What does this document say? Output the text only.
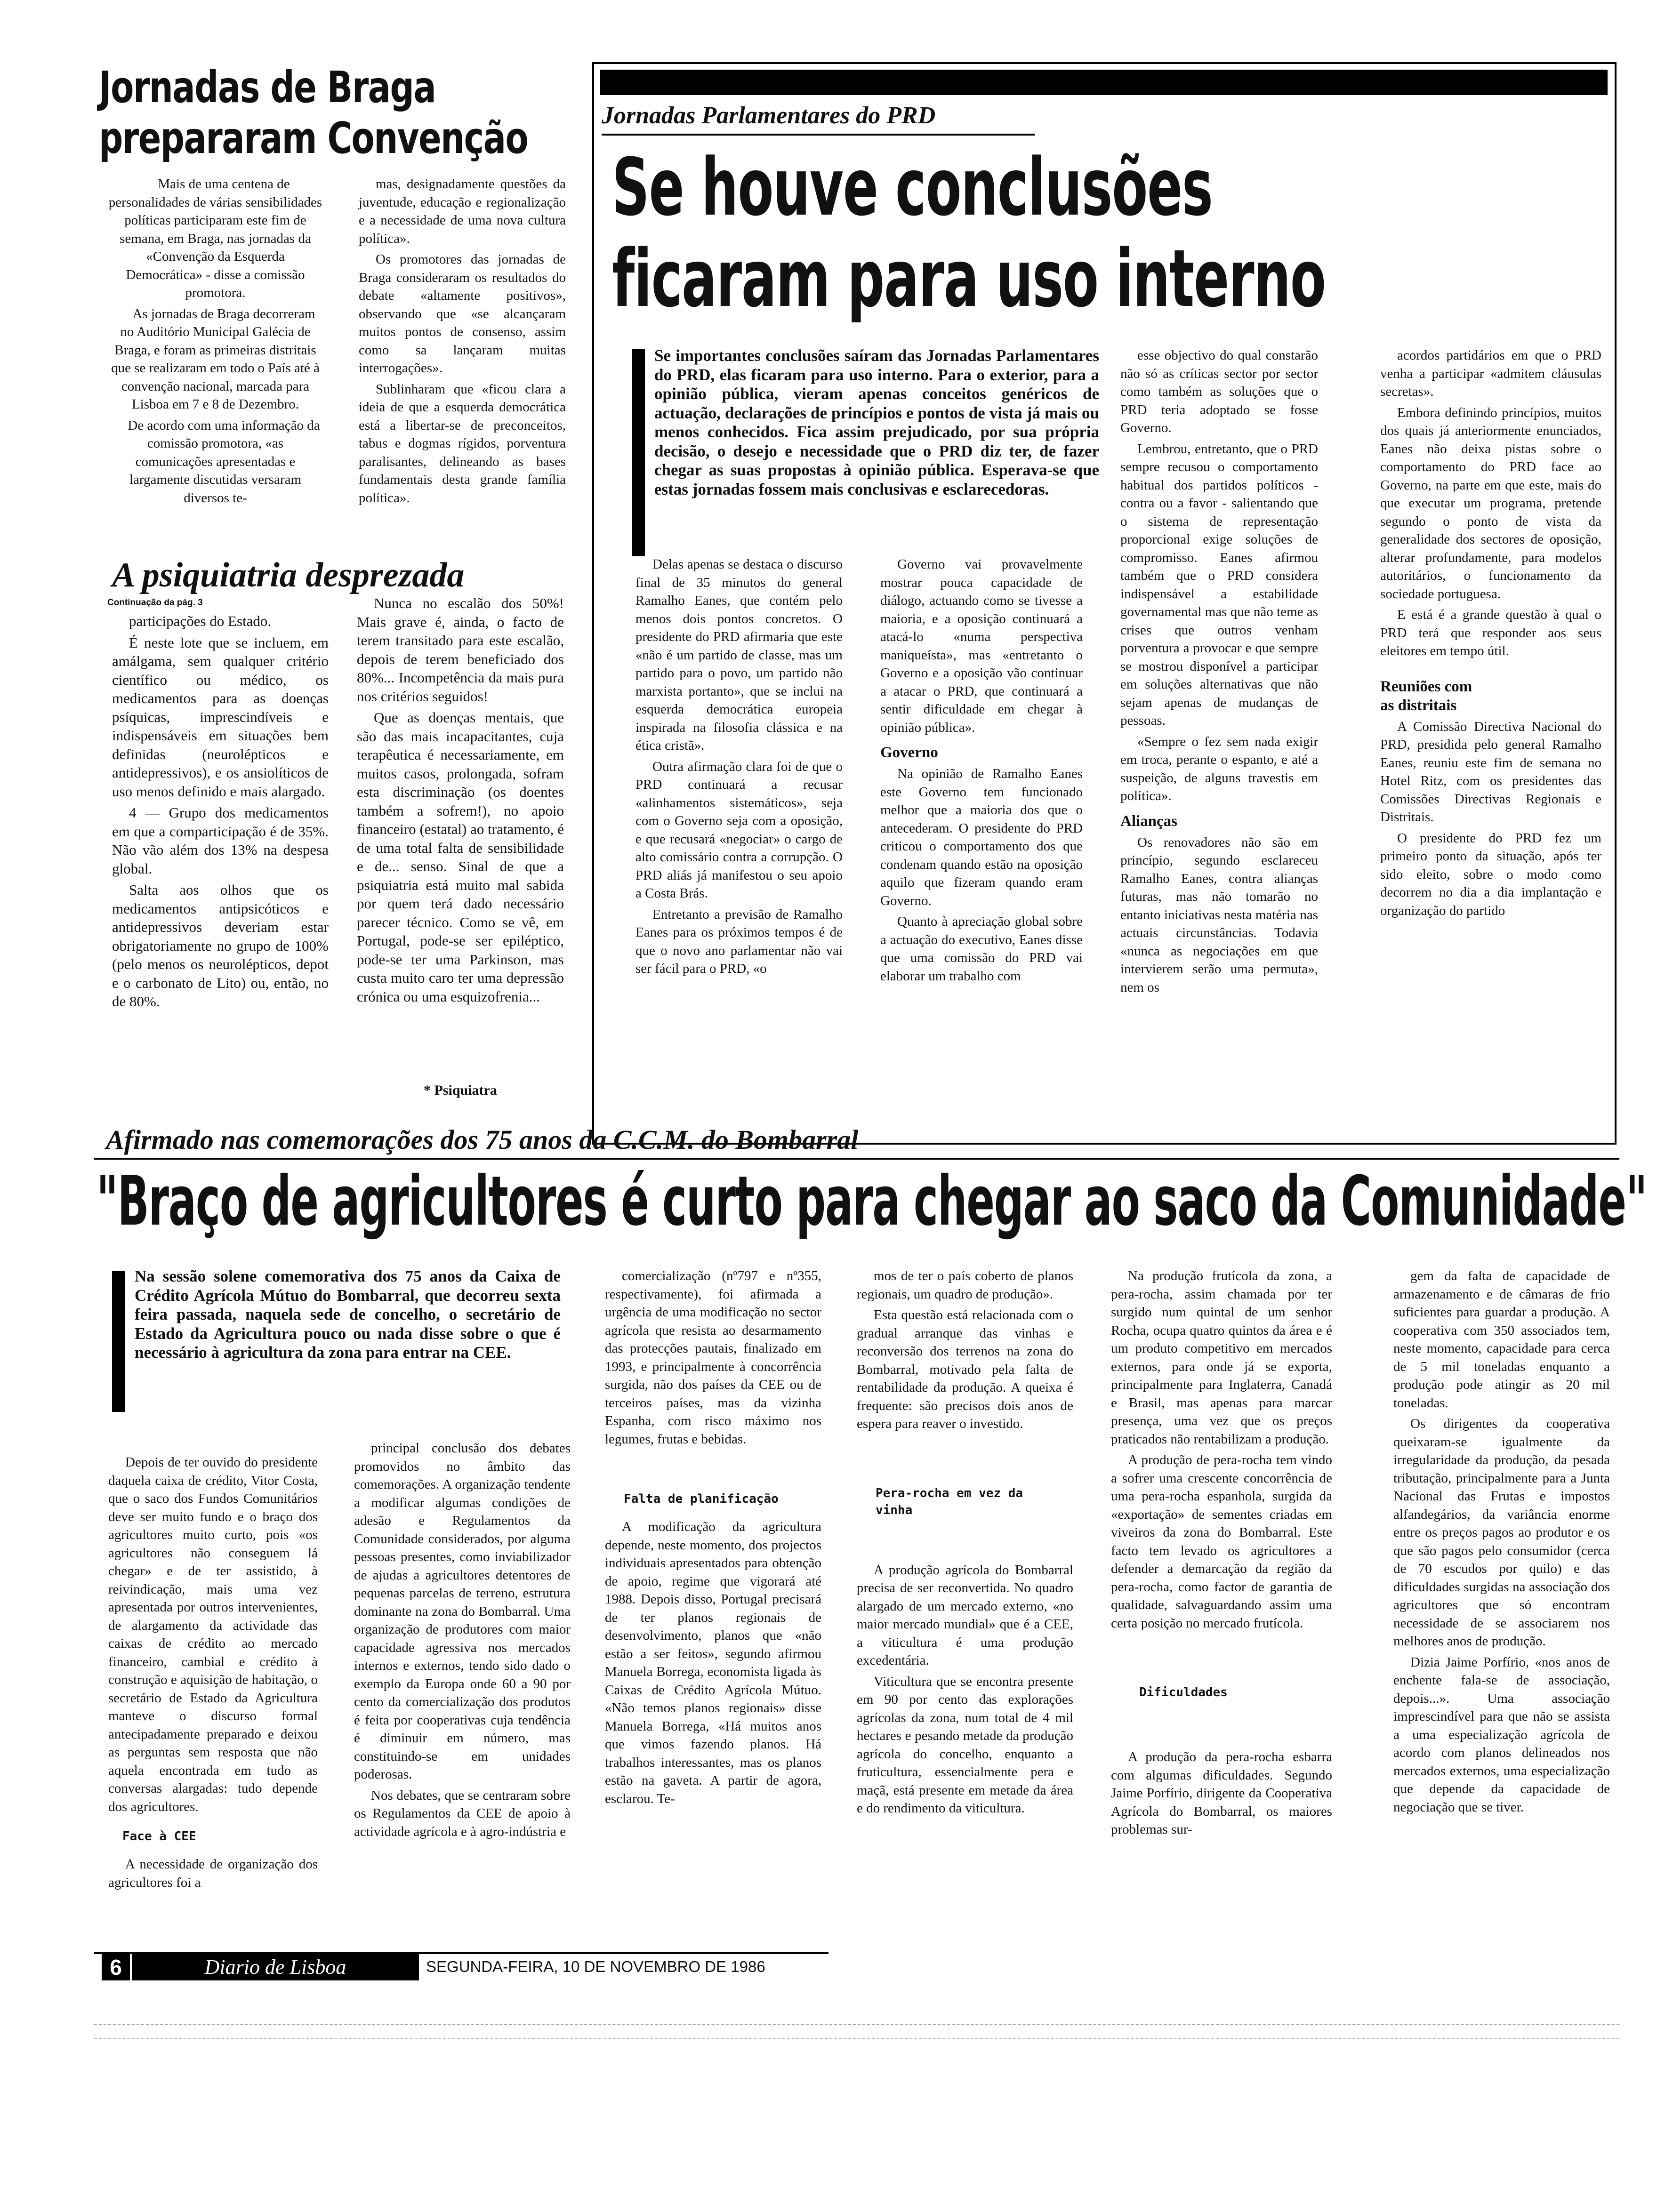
Jornadas de Braga
prepararam Convenção

Mais de uma centena de personalidades de várias sensibilidades políticas participaram este fim de semana, em Braga, nas jornadas da «Convenção da Esquerda Democrática» - disse a comissão promotora.

As jornadas de Braga decorreram no Auditório Municipal Galécia de Braga, e foram as primeiras distritais que se realizaram em todo o País até à convenção nacional, marcada para Lisboa em 7 e 8 de Dezembro.

De acordo com uma informação da comissão promotora, «as comunicações apresentadas e largamente discutidas versaram diversos te-

mas, designadamente questões da juventude, educação e regionalização e a necessidade de uma nova cultura política».

Os promotores das jornadas de Braga consideraram os resultados do debate «altamente positivos», observando que «se alcançaram muitos pontos de consenso, assim como sa lançaram muitas interrogações».

Sublinharam que «ficou clara a ideia de que a esquerda democrática está a libertar-se de preconceitos, tabus e dogmas rígidos, porventura paralisantes, delineando as bases fundamentais desta grande família política».

A psiquiatria desprezada
Continuação da pág. 3

participações do Estado.

É neste lote que se incluem, em amálgama, sem qualquer critério científico ou médico, os medicamentos para as doenças psíquicas, imprescindíveis e indispensáveis em situações bem definidas (neurolépticos e antidepressivos), e os ansiolíticos de uso menos definido e mais alargado.

4 — Grupo dos medicamentos em que a comparticipação é de 35%. Não vão além dos 13% na despesa global.

Salta aos olhos que os medicamentos antipsicóticos e antidepressivos deveriam estar obrigatoriamente no grupo de 100% (pelo menos os neurolépticos, depot e o carbonato de Lito) ou, então, no de 80%.

Nunca no escalão dos 50%! Mais grave é, ainda, o facto de terem transitado para este escalão, depois de terem beneficiado dos 80%... Incompetência da mais pura nos critérios seguidos!

Que as doenças mentais, que são das mais incapacitantes, cuja terapêutica é necessariamente, em muitos casos, prolongada, sofram esta discriminação (os doentes também a sofrem!), no apoio financeiro (estatal) ao tratamento, é de uma total falta de sensibilidade e de... senso. Sinal de que a psiquiatria está muito mal sabida por quem terá dado necessário parecer técnico. Como se vê, em Portugal, pode-se ser epiléptico, pode-se ter uma Parkinson, mas custa muito caro ter uma depressão crónica ou uma esquizofrenia...

* Psiquiatra
Jornadas Parlamentares do PRD
Se houve conclusões
ficaram para uso interno
Se importantes conclusões saíram das Jornadas Parlamentares do PRD, elas ficaram para uso interno. Para o exterior, para a opinião pública, vieram apenas conceitos genéricos de actuação, declarações de princípios e pontos de vista já mais ou menos conhecidos. Fica assim prejudicado, por sua própria decisão, o desejo e necessidade que o PRD diz ter, de fazer chegar as suas propostas à opinião pública. Esperava-se que estas jornadas fossem mais conclusivas e esclarecedoras.

Delas apenas se destaca o discurso final de 35 minutos do general Ramalho Eanes, que contém pelo menos dois pontos concretos. O presidente do PRD afirmaria que este «não é um partido de classe, mas um partido para o povo, um partido não marxista portanto», que se inclui na esquerda democrática europeia inspirada na filosofia clássica e na ética cristã».

Outra afirmação clara foi de que o PRD continuará a recusar «alinhamentos sistemáticos», seja com o Governo seja com a oposição, e que recusará «negociar» o cargo de alto comissário contra a corrupção. O PRD aliás já manifestou o seu apoio a Costa Brás.

Entretanto a previsão de Ramalho Eanes para os próximos tempos é de que o novo ano parlamentar não vai ser fácil para o PRD, «o

Governo vai provavelmente mostrar pouca capacidade de diálogo, actuando como se tivesse a maioria, e a oposição continuará a atacá-lo «numa perspectiva maniqueísta», mas «entretanto o Governo e a oposição vão continuar a atacar o PRD, que continuará a sentir dificuldade em chegar à opinião pública».

Governo

Na opinião de Ramalho Eanes este Governo tem funcionado melhor que a maioria dos que o antecederam. O presidente do PRD criticou o comportamento dos que condenam quando estão na oposição aquilo que fizeram quando eram Governo.

Quanto à apreciação global sobre a actuação do executivo, Eanes disse que uma comissão do PRD vai elaborar um trabalho com

esse objectivo do qual constarão não só as críticas sector por sector como também as soluções que o PRD teria adoptado se fosse Governo.

Lembrou, entretanto, que o PRD sempre recusou o comportamento habitual dos partidos políticos - contra ou a favor - salientando que o sistema de representação proporcional exige soluções de compromisso. Eanes afirmou também que o PRD considera indispensável a estabilidade governamental mas que não teme as crises que outros venham porventura a provocar e que sempre se mostrou disponível a participar em soluções alternativas que não sejam apenas de mudanças de pessoas.

«Sempre o fez sem nada exigir em troca, perante o espanto, e até a suspeição, de alguns travestis em política».

Alianças

Os renovadores não são em princípio, segundo esclareceu Ramalho Eanes, contra alianças futuras, mas não tomarão no entanto iniciativas nesta matéria nas actuais circunstâncias. Todavia «nunca as negociações em que intervierem serão uma permuta», nem os

acordos partidários em que o PRD venha a participar «admitem cláusulas secretas».

Embora definindo princípios, muitos dos quais já anteriormente enunciados, Eanes não deixa pistas sobre o comportamento do PRD face ao Governo, na parte em que este, mais do que executar um programa, pretende segundo o ponto de vista da generalidade dos sectores de oposição, alterar profundamente, para modelos autoritários, o funcionamento da sociedade portuguesa.

E está é a grande questão à qual o PRD terá que responder aos seus eleitores em tempo útil.

Reuniões com
as distritais

A Comissão Directiva Nacional do PRD, presidida pelo general Ramalho Eanes, reuniu este fim de semana no Hotel Ritz, com os presidentes das Comissões Directivas Regionais e Distritais.

O presidente do PRD fez um primeiro ponto da situação, após ter sido eleito, sobre o modo como decorrem no dia a dia implantação e organização do partido

Afirmado nas comemorações dos 75 anos da C.C.M. do Bombarral
"Braço de agricultores é curto para chegar ao saco da Comunidade"
Na sessão solene comemorativa dos 75 anos da Caixa de Crédito Agrícola Mútuo do Bombarral, que decorreu sexta feira passada, naquela sede de concelho, o secretário de Estado da Agricultura pouco ou nada disse sobre o que é necessário à agricultura da zona para entrar na CEE.

Depois de ter ouvido do presidente daquela caixa de crédito, Vitor Costa, que o saco dos Fundos Comunitários deve ser muito fundo e o braço dos agricultores muito curto, pois «os agricultores não conseguem lá chegar» e de ter assistido, à reivindicação, mais uma vez apresentada por outros intervenientes, de alargamento da actividade das caixas de crédito ao mercado financeiro, cambial e crédito à construção e aquisição de habitação, o secretário de Estado da Agricultura manteve o discurso formal antecipadamente preparado e deixou as perguntas sem resposta que não aquela encontrada em tudo as conversas alargadas: tudo depende dos agricultores.

Face à CEE

A necessidade de organização dos agricultores foi a

principal conclusão dos debates promovidos no âmbito das comemorações. A organização tendente a modificar algumas condições de adesão e Regulamentos da Comunidade considerados, por alguma pessoas presentes, como inviabilizador de ajudas a agricultores detentores de pequenas parcelas de terreno, estrutura dominante na zona do Bombarral. Uma organização de produtores com maior capacidade agressiva nos mercados internos e externos, tendo sido dado o exemplo da Europa onde 60 a 90 por cento da comercialização dos produtos é feita por cooperativas cuja tendência é diminuir em número, mas constituindo-se em unidades poderosas.

Nos debates, que se centraram sobre os Regulamentos da CEE de apoio à actividade agrícola e à agro-indústria e

comercialização (nº797 e nº355, respectivamente), foi afirmada a urgência de uma modificação no sector agrícola que resista ao desarmamento das protecções pautais, finalizado em 1993, e principalmente à concorrência surgida, não dos países da CEE ou de terceiros países, mas da vizinha Espanha, com risco máximo nos legumes, frutas e bebidas.

Falta de planificação

A modificação da agricultura depende, neste momento, dos projectos individuais apresentados para obtenção de apoio, regime que vigorará até 1988. Depois disso, Portugal precisará de ter planos regionais de desenvolvimento, planos que «não estão a ser feitos», segundo afirmou Manuela Borrega, economista ligada às Caixas de Crédito Agrícola Mútuo. «Não temos planos regionais» disse Manuela Borrega, «Há muitos anos que vimos fazendo planos. Há trabalhos interessantes, mas os planos estão na gaveta. A partir de agora, esclarou. Te-

mos de ter o país coberto de planos regionais, um quadro de produção».

Esta questão está relacionada com o gradual arranque das vinhas e reconversão dos terrenos na zona do Bombarral, motivado pela falta de rentabilidade da produção. A queixa é frequente: são precisos dois anos de espera para reaver o investido.

Pera-rocha em vez da vinha

A produção agrícola do Bombarral precisa de ser reconvertida. No quadro alargado de um mercado externo, «no maior mercado mundial» que é a CEE, a viticultura é uma produção excedentária.

Viticultura que se encontra presente em 90 por cento das explorações agrícolas da zona, num total de 4 mil hectares e pesando metade da produção agrícola do concelho, enquanto a fruticultura, essencialmente pera e maçã, está presente em metade da área e do rendimento da viticultura.

Na produção frutícola da zona, a pera-rocha, assim chamada por ter surgido num quintal de um senhor Rocha, ocupa quatro quintos da área e é um produto competitivo em mercados externos, para onde já se exporta, principalmente para Inglaterra, Canadá e Brasil, mas apenas para marcar presença, uma vez que os preços praticados não rentabilizam a produção.

A produção de pera-rocha tem vindo a sofrer uma crescente concorrência de uma pera-rocha espanhola, surgida da «exportação» de sementes criadas em viveiros da zona do Bombarral. Este facto tem levado os agricultores a defender a demarcação da região da pera-rocha, como factor de garantia de qualidade, salvaguardando assim uma certa posição no mercado frutícola.

Dificuldades

A produção da pera-rocha esbarra com algumas dificuldades. Segundo Jaime Porfírio, dirigente da Cooperativa Agrícola do Bombarral, os maiores problemas sur-

gem da falta de capacidade de armazenamento e de câmaras de frio suficientes para guardar a produção. A cooperativa com 350 associados tem, neste momento, capacidade para cerca de 5 mil toneladas enquanto a produção pode atingir as 20 mil toneladas.

Os dirigentes da cooperativa queixaram-se igualmente da irregularidade da produção, da pesada tributação, principalmente para a Junta Nacional das Frutas e impostos alfandegários, da variância enorme entre os preços pagos ao produtor e os que são pagos pelo consumidor (cerca de 70 escudos por quilo) e das dificuldades surgidas na associação dos agricultores que só encontram necessidade de se associarem nos melhores anos de produção.

Dizia Jaime Porfírio, «nos anos de enchente fala-se de associação, depois...». Uma associação imprescindível para que não se assista a uma especialização agrícola de acordo com planos delineados nos mercados externos, uma especialização que depende da capacidade de negociação que se tiver.

6	Diario de Lisboa	SEGUNDA-FEIRA, 10 DE NOVEMBRO DE 1986
